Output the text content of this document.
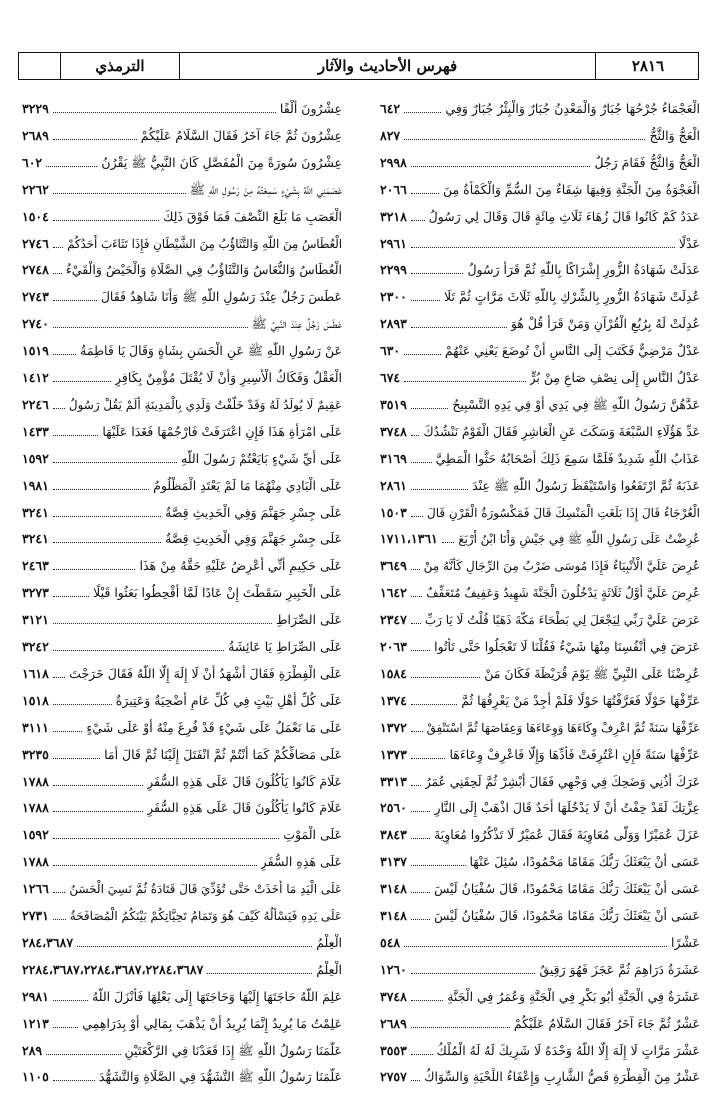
الترمذي	فهرس الأحاديث والآثار	٢٨١٦
٦٤٢	الْعَجْمَاءُ جُرْحُهَا جُبَارٌ وَالْمَعْدِنُ جُبَارٌ وَالْبِئْرُ جُبَارٌ وَفِي
٨٢٧	الْعَجُّ وَالثَّجُّ
٢٩٩٨	الْعَجُّ وَالثَّجُّ فَقَامَ رَجُلٌ
٢٠٦٦	الْعَجْوَةُ مِنَ الْجَنَّةِ وَفِيهَا شِفَاءٌ مِنَ السُّمِّ وَالْكَمْأَةُ مِنَ
٣٢١٨ عَدَدٌ كَمْ كَانُوا قَالَ زُهَاءَ ثَلَاثِ مِائَةٍ قَالَ وَقَالَ لِي رَسُولُ
٢٩٦١	عَدْلًا
٢٢٩٩	عَدَلَتْ شَهَادَةُ الزُّورِ إِشْرَاكًا بِاللَّهِ ثُمَّ قَرَأَ رَسُولُ
٢٣٠٠	عُدِلَتْ شَهَادَةُ الزُّورِ بِالشِّرْكِ بِاللَّهِ ثَلَاثَ مَرَّاتٍ ثُمَّ تَلَا
٢٨٩٣	عُدِلَتْ لَهُ بِرُبُعِ الْقُرْآنِ وَمَنْ قَرَأَ قُلْ هُوَ
٦٣٠	عَدْلٌ مَرْضِيٌّ فَكَتَبَ إِلَى النَّاسِ أَنْ تُوضَعَ يَعْنِي عَنْهُمْ
٦٧٤	عَدْلُ النَّاسِ إِلَى نِصْفِ صَاعٍ مِنْ بُرٍّ
٣٥١٩	عَدَّهُنَّ رَسُولُ اللَّهِ ﷺ فِي يَدِي أَوْ فِي يَدِهِ التَّسْبِيحُ
٣٧٤٨ عَدِّ هَؤُلَاءِ السَّبْعَةَ وَسَكَتَ عَنِ الْعَاشِرِ فَقَالَ الْقَوْمُ نَنْشُدُكَ
٣١٦٩ عَذَابُ اللَّهِ شَدِيدٌ فَلَمَّا سَمِعَ ذَلِكَ أَصْحَابُهُ حَثُّوا الْمَطِيَّ
٢٨٦١	عَذَبَهُ ثُمَّ ارْتَفَعُوا وَاسْتَيْقَظَ رَسُولُ اللَّهِ ﷺ عِنْدَ
١٥٠٣ الْعُرْجَاءُ قَالَ إِذَا بَلَغَتِ الْمَنْسِكَ قَالَ فَمَكْسُورَةُ الْقَرْنِ قَالَ
١٧١١،١٣٦١ عُرِضْتُ عَلَى رَسُولِ اللَّهِ ﷺ فِي جَيْشٍ وَأَنَا ابْنُ أَرْبَعَ
٣٦٤٩ عُرِضَ عَلَيَّ الْأَنْبِيَاءُ فَإِذَا مُوسَى ضَرْبٌ مِنَ الرِّجَالِ كَأَنَّهُ مِنْ
١٦٤٢ عُرِضَ عَلَيَّ أَوَّلُ ثَلَاثَةٍ يَدْخُلُونَ الْجَنَّةَ شَهِيدٌ وَعَفِيفٌ مُتَعَفِّفٌ
٢٣٤٧ عَرَضَ عَلَيَّ رَبِّي لِيَجْعَلَ لِي بَطْحَاءَ مَكَّةَ ذَهَبًا قُلْتُ لَا يَا رَبِّ
٢٠٦٣ عَرَضَ فِي أَنْفُسِنَا مِنْهَا شَيْءٌ فَقُلْنَا لَا تَعْجَلُوا حَتَّى تَأْتُوا
١٥٨٤	عُرِضْنَا عَلَى النَّبِيِّ ﷺ يَوْمَ قُرَيْظَةَ فَكَانَ مَنْ
١٣٧٤	عَرِّفْهَا حَوْلًا فَعَرَّفْتُهَا حَوْلًا فَلَمْ أَجِدْ مَنْ يَعْرِفُهَا ثُمَّ
١٣٧٢ عَرِّفْهَا سَنَةً ثُمَّ اعْرِفْ وِكَاءَهَا وَوِعَاءَهَا وَعِفَاصَهَا ثُمَّ اسْتَنْفِقْ
١٣٧٣	عَرِّفْهَا سَنَةً فَإِنِ اعْتُرِفَتْ فَأَدِّهَا وَإِلَّا فَاعْرِفْ وِعَاءَهَا
٣٣١٣ عَرَكَ أُذُنِي وَضَحِكَ فِي وَجْهِي فَقَالَ أَبْشِرْ ثُمَّ لَحِقَنِي عُمَرُ
٢٥٦٠ عِزَّتِكَ لَقَدْ خِفْتُ أَنْ لَا يَدْخُلَهَا أَحَدٌ قَالَ اذْهَبْ إِلَى النَّارِ
٣٨٤٣ عَزَلَ عُمَيْرًا وَوَلَّى مُعَاوِيَةَ فَقَالَ عُمَيْرٌ لَا تَذْكُرُوا مُعَاوِيَةَ
٣١٣٧	عَسَى أَنْ يَبْعَثَكَ رَبُّكَ مَقَامًا مَحْمُودًا، سُئِلَ عَنْهَا
٣١٤٨ عَسَى أَنْ يَبْعَثَكَ رَبُّكَ مَقَامًا مَحْمُودًا، قَالَ سُفْيَانُ لَيْسَ
٣١٤٨ عَسَى أَنْ يَبْعَثَكَ رَبُّكَ مَقَامًا مَحْمُودًا، قَالَ سُفْيَانُ لَيْسَ
٥٤٨	عَشْرًا
١٢٦٠	عَشَرَةُ دَرَاهِمَ ثُمَّ عَجَزَ فَهُوَ رَقِيقٌ
٣٧٤٨	عَشَرَةٌ فِي الْجَنَّةِ أَبُو بَكْرٍ فِي الْجَنَّةِ وَعُمَرُ فِي الْجَنَّةِ
٢٦٨٩	عَشْرٌ ثُمَّ جَاءَ آخَرُ فَقَالَ السَّلَامُ عَلَيْكُمْ
٣٥٥٣ عَشْرَ مَرَّاتٍ لَا إِلَهَ إِلَّا اللَّهُ وَحْدَهُ لَا شَرِيكَ لَهُ لَهُ الْمُلْكُ
٢٧٥٧ عَشْرٌ مِنَ الْفِطْرَةِ قَصُّ الشَّارِبِ وَإِعْفَاءُ اللِّحْيَةِ وَالسِّوَاكُ
٣٢٢٩	عِشْرُونَ أَلْفًا
٢٦٨٩	عِشْرُونَ ثُمَّ جَاءَ آخَرُ فَقَالَ السَّلَامُ عَلَيْكُمْ
٦٠٢	عِشْرُونَ سُورَةً مِنَ الْمُفَصَّلِ كَانَ النَّبِيُّ ﷺ يَقْرُنُ
٢٢٦٢	عَصَمَنِي اللَّهُ بِشَيْءٍ سَمِعْتُهُ مِنْ رَسُولِ اللَّهِ ﷺ
١٥٠٤	الْعَصَبِ مَا بَلَغَ النِّصْفَ فَمَا فَوْقَ ذَلِكَ
٢٧٤٦ الْعُطَاسُ مِنَ اللَّهِ وَالتَّثَاؤُبُ مِنَ الشَّيْطَانِ فَإِذَا تَثَاءَبَ أَحَدُكُمْ
٢٧٤٨ الْعُطَاسُ وَالنُّعَاسُ وَالتَّثَاؤُبُ فِي الصَّلَاةِ وَالْحَيْضُ وَالْقَيْءُ
٢٧٤٣	عَطَسَ رَجُلٌ عِنْدَ رَسُولِ اللَّهِ ﷺ وَأَنَا شَاهِدٌ فَقَالَ
٢٧٤٠	عَطَسَ رَجُلٌ عِنْدَ النَّبِيِّ ﷺ
١٥١٩	عَنْ رَسُولِ اللَّهِ ﷺ عَنِ الْحَسَنِ بِشَاةٍ وَقَالَ يَا فَاطِمَةُ
١٤١٢	الْعَقْلُ وَفَكَاكُ الْأَسِيرِ وَأَنْ لَا يُقْتَلَ مُؤْمِنٌ بِكَافِرٍ
٢٢٤٦ عَقِيمٌ لَا يُولَدُ لَهُ وَقَدْ خَلَّفْتُ وَلَدِي بِالْمَدِينَةِ أَلَمْ يَقُلْ رَسُولُ
١٤٣٣	عَلَى امْرَأَةِ هَذَا فَإِنِ اعْتَرَفَتْ فَارْجُمْهَا فَغَدَا عَلَيْهَا
١٥٩٢	عَلَى أَيِّ شَيْءٍ بَايَعْتُمْ رَسُولَ اللَّهِ
١٩٨١	عَلَى الْبَادِي مِنْهُمَا مَا لَمْ يَعْتَدِ الْمَظْلُومُ
٣٢٤١	عَلَى جِسْرِ جَهَنَّمَ وَفِي الْحَدِيثِ قِصَّةٌ
٣٢٤١	عَلَى جِسْرِ جَهَنَّمَ وَفِي الْحَدِيثِ قِصَّةٌ
٢٤٦٣	عَلَى حَكِيمٍ أَنِّي أَعْرِضُ عَلَيْهِ حَقَّهُ مِنْ هَذَا
٣٢٧٣	عَلَى الْخَبِيرِ سَقَطْتَ إِنْ عَادًا لَمَّا أُقْحِطُوا بَعَثُوا قَيْلًا
٣١٢١	عَلَى الصِّرَاطِ
٣٢٤٢	عَلَى الصِّرَاطِ يَا عَائِشَةُ
١٦١٨ عَلَى الْفِطْرَةِ فَقَالَ أَشْهَدُ أَنْ لَا إِلَهَ إِلَّا اللَّهُ فَقَالَ خَرَجْتَ
١٥١٨	عَلَى كُلِّ أَهْلِ بَيْتٍ فِي كُلِّ عَامٍ أُضْحِيَةٌ وَعَتِيرَةٌ
٣١١١	عَلَى مَا نَعْمَلُ عَلَى شَيْءٍ قَدْ فُرِغَ مِنْهُ أَوْ عَلَى شَيْءٍ
٣٢٣٥	عَلَى مَصَافِّكُمْ كَمَا أَنْتُمْ ثُمَّ انْفَتَلَ إِلَيْنَا ثُمَّ قَالَ أَمَا
١٧٨٨	عَلَامَ كَانُوا يَأْكُلُونَ قَالَ عَلَى هَذِهِ السُّفَرِ
١٧٨٨	عَلَامَ كَانُوا يَأْكُلُونَ قَالَ عَلَى هَذِهِ السُّفَرِ
١٥٩٢	عَلَى الْمَوْتِ
١٧٨٨	عَلَى هَذِهِ السُّفَرِ
١٢٦٦ عَلَى الْيَدِ مَا أَخَذَتْ حَتَّى تُؤَدِّيَ قَالَ قَتَادَةُ ثُمَّ نَسِيَ الْحَسَنُ
٢٧٣١ عَلَى يَدِهِ فَيَسْأَلُهُ كَيْفَ هُوَ وَتَمَامُ تَحِيَّاتِكُمْ بَيْنَكُمُ الْمُصَافَحَةُ
٢٨٤،٣٦٨٧	الْعِلْمُ
٢٢٨٤،٣٦٨٧،٢٢٨٤،٣٦٨٧،٢٢٨٤،٣٦٨٧	الْعِلْمُ
٢٩٨١	عَلِمَ اللَّهُ حَاجَتَهَا إِلَيْهَا وَحَاجَتَهَا إِلَى بَعْلِهَا فَأَنْزَلَ اللَّهُ
١٢١٣	عَلِمْتُ مَا يُرِيدُ إِنَّمَا يُرِيدُ أَنْ يَذْهَبَ بِمَالِي أَوْ بِدَرَاهِمِي
٢٨٩	عَلَّمَنَا رَسُولُ اللَّهِ ﷺ إِذَا قَعَدْنَا فِي الرَّكْعَتَيْنِ
١١٠٥	عَلَّمَنَا رَسُولُ اللَّهِ ﷺ التَّشَهُّدَ فِي الصَّلَاةِ وَالتَّشَهُّدَ
